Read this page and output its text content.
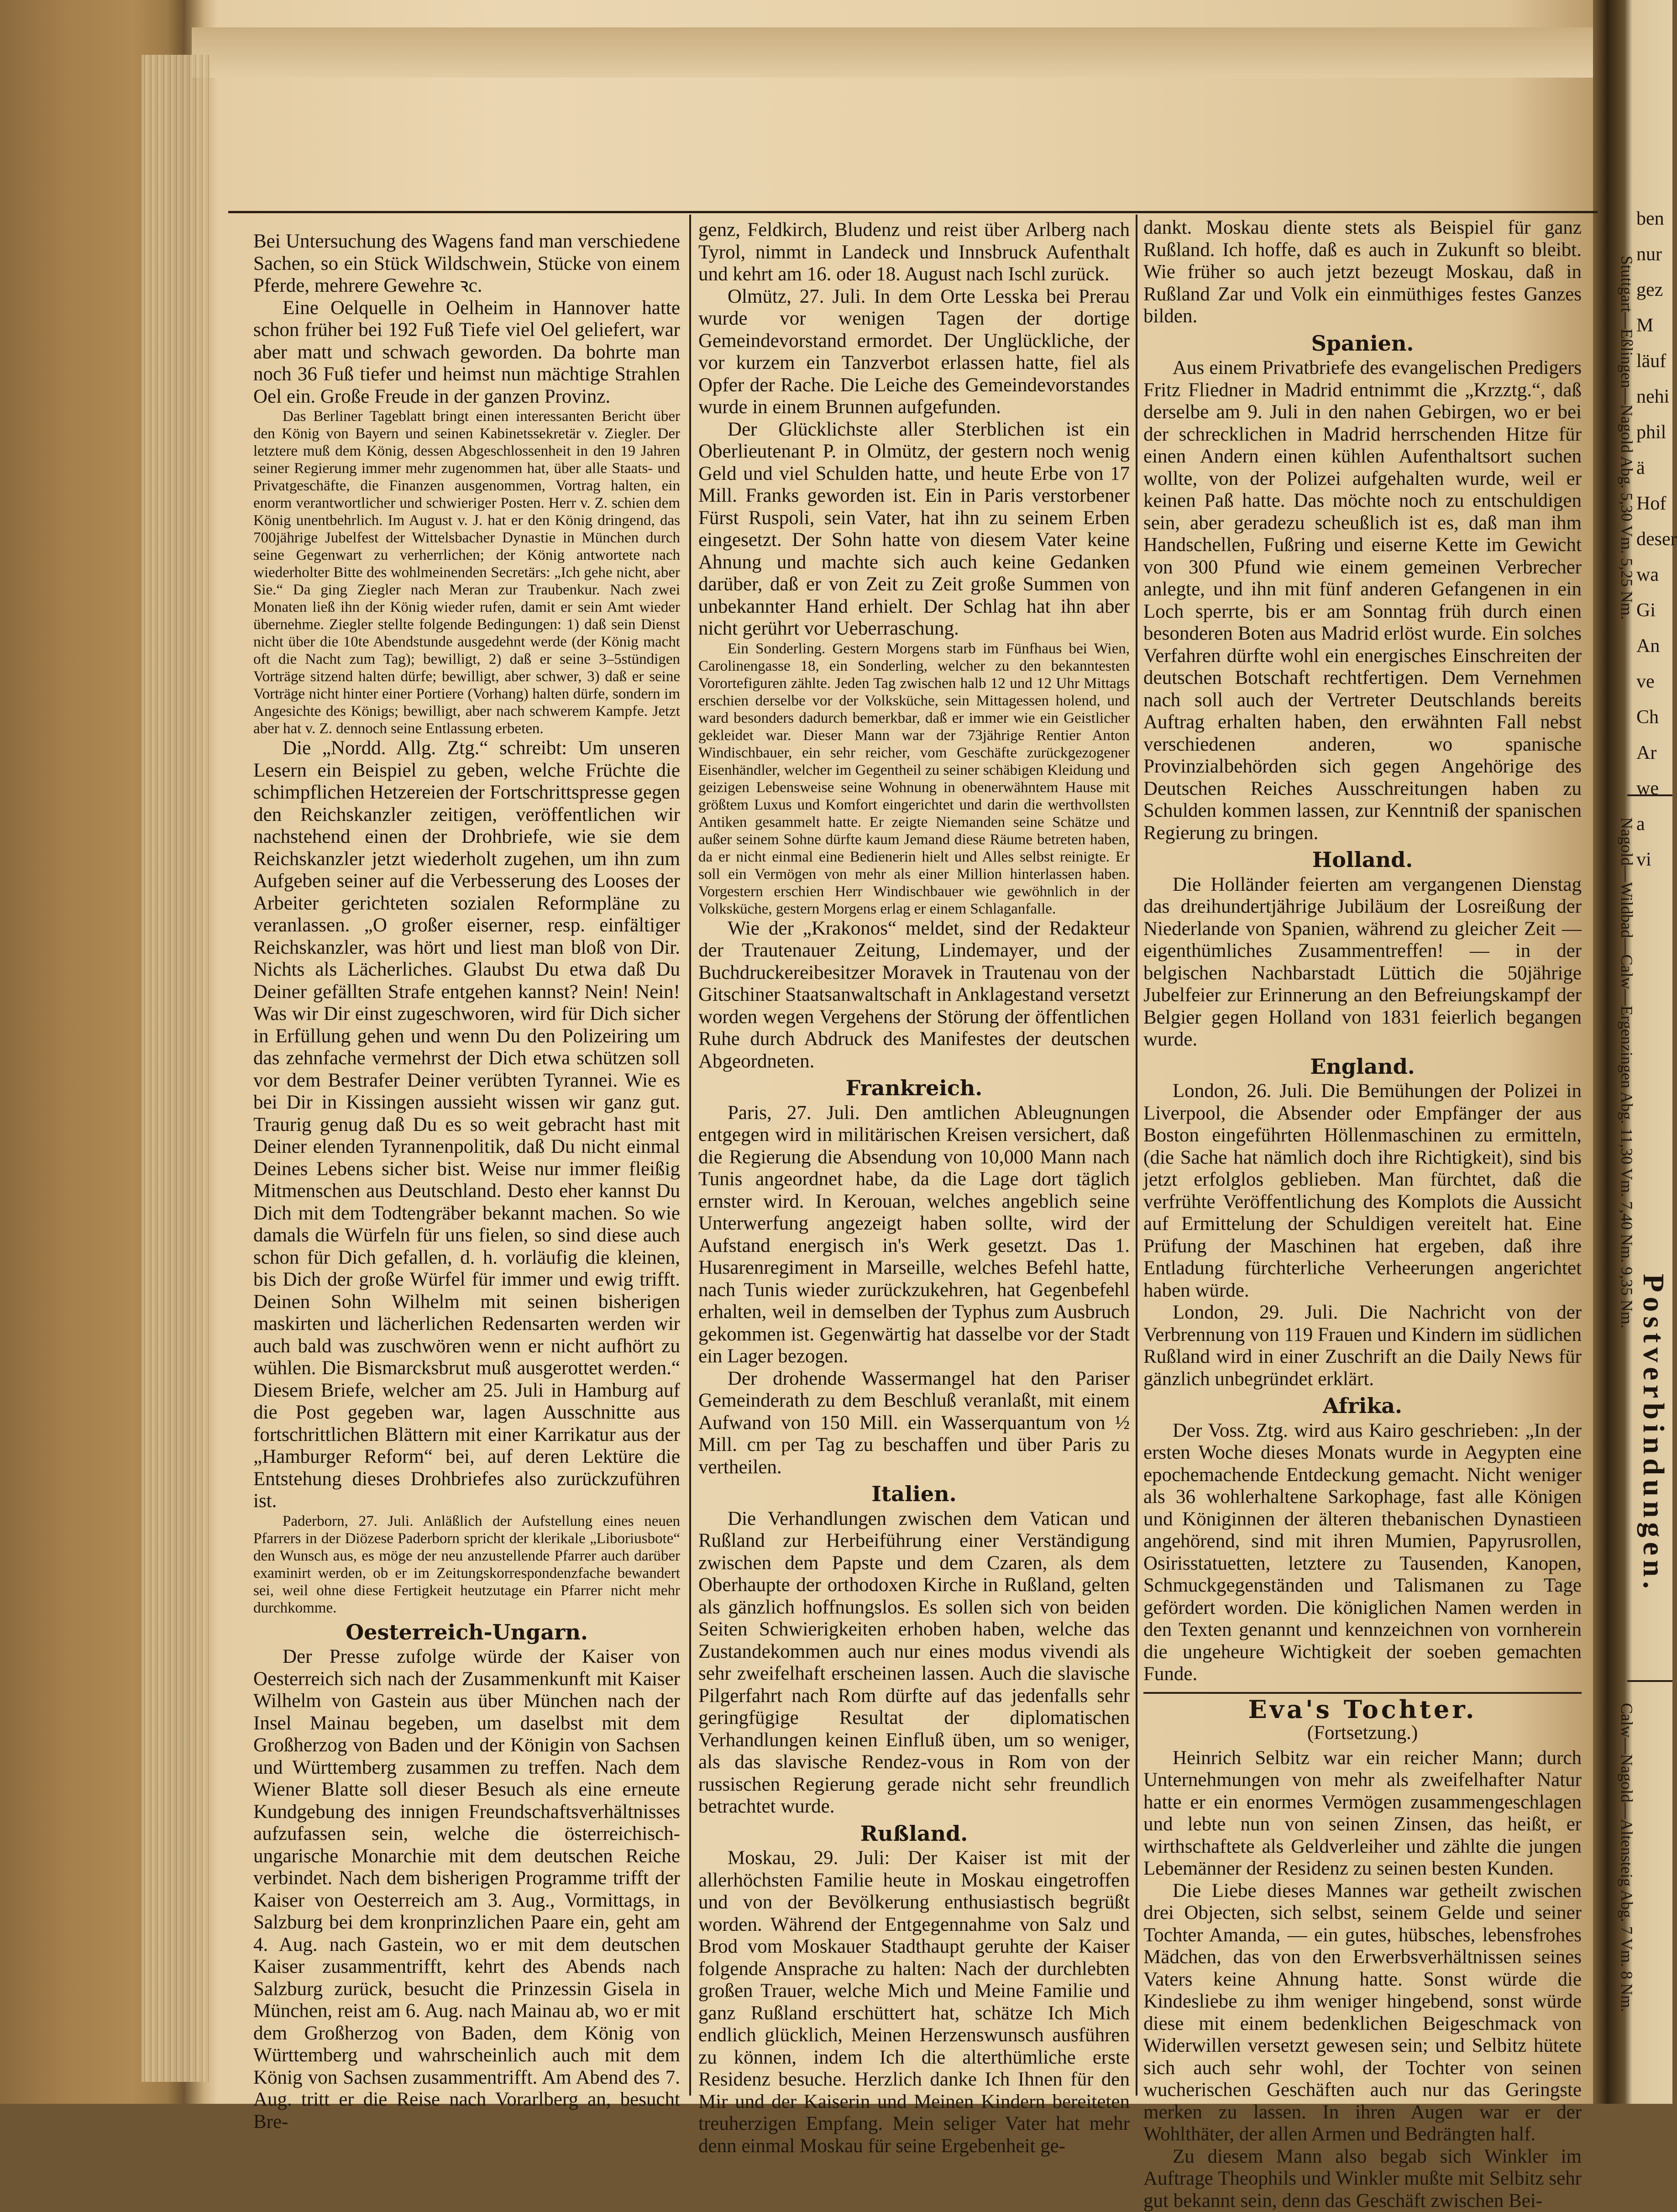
Bei Untersuchung des Wagens fand man verschiedene Sachen, so ein Stück Wildschwein, Stücke von einem Pferde, mehrere Gewehre ꝛc.

Eine Oelquelle in Oelheim in Hannover hatte schon früher bei 192 Fuß Tiefe viel Oel geliefert, war aber matt und schwach geworden. Da bohrte man noch 36 Fuß tiefer und heimst nun mächtige Strahlen Oel ein. Große Freude in der ganzen Provinz.

Das Berliner Tageblatt bringt einen interessanten Bericht über den König von Bayern und seinen Kabinetssekretär v. Ziegler. Der letztere muß dem König, dessen Abgeschlossenheit in den 19 Jahren seiner Regierung immer mehr zugenommen hat, über alle Staats- und Privatgeschäfte, die Finanzen ausgenommen, Vortrag halten, ein enorm verantwortlicher und schwieriger Posten. Herr v. Z. schien dem König unentbehrlich. Im August v. J. hat er den König dringend, das 700jährige Jubelfest der Wittelsbacher Dynastie in München durch seine Gegenwart zu verherrlichen; der König antwortete nach wiederholter Bitte des wohlmeinenden Secretärs: „Ich gehe nicht, aber Sie.“ Da ging Ziegler nach Meran zur Traubenkur. Nach zwei Monaten ließ ihn der König wieder rufen, damit er sein Amt wieder übernehme. Ziegler stellte folgende Bedingungen: 1) daß sein Dienst nicht über die 10te Abendstunde ausgedehnt werde (der König macht oft die Nacht zum Tag); bewilligt, 2) daß er seine 3–5stündigen Vorträge sitzend halten dürfe; bewilligt, aber schwer, 3) daß er seine Vorträge nicht hinter einer Portiere (Vorhang) halten dürfe, sondern im Angesichte des Königs; bewilligt, aber nach schwerem Kampfe. Jetzt aber hat v. Z. dennoch seine Entlassung erbeten.

Die „Nordd. Allg. Ztg.“ schreibt: Um unseren Lesern ein Beispiel zu geben, welche Früchte die schimpflichen Hetzereien der Fortschrittspresse gegen den Reichskanzler zeitigen, veröffentlichen wir nachstehend einen der Drohbriefe, wie sie dem Reichskanzler jetzt wiederholt zugehen, um ihn zum Aufgeben seiner auf die Verbesserung des Looses der Arbeiter gerichteten sozialen Reformpläne zu veranlassen. „O großer eiserner, resp. einfältiger Reichskanzler, was hört und liest man bloß von Dir. Nichts als Lächerliches. Glaubst Du etwa daß Du Deiner gefällten Strafe entgehen kannst? Nein! Nein! Was wir Dir einst zugeschworen, wird für Dich sicher in Erfüllung gehen und wenn Du den Polizeiring um das zehnfache vermehrst der Dich etwa schützen soll vor dem Bestrafer Deiner verübten Tyrannei. Wie es bei Dir in Kissingen aussieht wissen wir ganz gut. Traurig genug daß Du es so weit gebracht hast mit Deiner elenden Tyrannenpolitik, daß Du nicht einmal Deines Lebens sicher bist. Weise nur immer fleißig Mitmenschen aus Deutschland. Desto eher kannst Du Dich mit dem Todtengräber bekannt machen. So wie damals die Würfeln für uns fielen, so sind diese auch schon für Dich gefallen, d. h. vorläufig die kleinen, bis Dich der große Würfel für immer und ewig trifft. Deinen Sohn Wilhelm mit seinen bisherigen maskirten und lächerlichen Redensarten werden wir auch bald was zuschwören wenn er nicht aufhört zu wühlen. Die Bismarcksbrut muß ausgerottet werden.“ Diesem Briefe, welcher am 25. Juli in Hamburg auf die Post gegeben war, lagen Ausschnitte aus fortschrittlichen Blättern mit einer Karrikatur aus der „Hamburger Reform“ bei, auf deren Lektüre die Entstehung dieses Drohbriefes also zurückzuführen ist.

Paderborn, 27. Juli. Anläßlich der Aufstellung eines neuen Pfarrers in der Diözese Paderborn spricht der klerikale „Liboriusbote“ den Wunsch aus, es möge der neu anzustellende Pfarrer auch darüber examinirt werden, ob er im Zeitungskorrespondenzfache bewandert sei, weil ohne diese Fertigkeit heutzutage ein Pfarrer nicht mehr durchkomme.

Oesterreich-Ungarn.

Der Presse zufolge würde der Kaiser von Oesterreich sich nach der Zusammenkunft mit Kaiser Wilhelm von Gastein aus über München nach der Insel Mainau begeben, um daselbst mit dem Großherzog von Baden und der Königin von Sachsen und Württemberg zusammen zu treffen. Nach dem Wiener Blatte soll dieser Besuch als eine erneute Kundgebung des innigen Freundschaftsverhältnisses aufzufassen sein, welche die österreichisch-ungarische Monarchie mit dem deutschen Reiche verbindet. Nach dem bisherigen Programme trifft der Kaiser von Oesterreich am 3. Aug., Vormittags, in Salzburg bei dem kronprinzlichen Paare ein, geht am 4. Aug. nach Gastein, wo er mit dem deutschen Kaiser zusammentrifft, kehrt des Abends nach Salzburg zurück, besucht die Prinzessin Gisela in München, reist am 6. Aug. nach Mainau ab, wo er mit dem Großherzog von Baden, dem König von Württemberg und wahrscheinlich auch mit dem König von Sachsen zusammentrifft. Am Abend des 7. Aug. tritt er die Reise nach Vorarlberg an, besucht Bre-

genz, Feldkirch, Bludenz und reist über Arlberg nach Tyrol, nimmt in Landeck und Innsbruck Aufenthalt und kehrt am 16. oder 18. August nach Ischl zurück.

Olmütz, 27. Juli. In dem Orte Lesska bei Prerau wurde vor wenigen Tagen der dortige Gemeindevorstand ermordet. Der Unglückliche, der vor kurzem ein Tanzverbot erlassen hatte, fiel als Opfer der Rache. Die Leiche des Gemeindevorstandes wurde in einem Brunnen aufgefunden.

Der Glücklichste aller Sterblichen ist ein Oberlieutenant P. in Olmütz, der gestern noch wenig Geld und viel Schulden hatte, und heute Erbe von 17 Mill. Franks geworden ist. Ein in Paris verstorbener Fürst Ruspoli, sein Vater, hat ihn zu seinem Erben eingesetzt. Der Sohn hatte von diesem Vater keine Ahnung und machte sich auch keine Gedanken darüber, daß er von Zeit zu Zeit große Summen von unbekannter Hand erhielt. Der Schlag hat ihn aber nicht gerührt vor Ueberraschung.

Ein Sonderling. Gestern Morgens starb im Fünfhaus bei Wien, Carolinengasse 18, ein Sonderling, welcher zu den bekanntesten Vorortefiguren zählte. Jeden Tag zwischen halb 12 und 12 Uhr Mittags erschien derselbe vor der Volksküche, sein Mittagessen holend, und ward besonders dadurch bemerkbar, daß er immer wie ein Geistlicher gekleidet war. Dieser Mann war der 73jährige Rentier Anton Windischbauer, ein sehr reicher, vom Geschäfte zurückgezogener Eisenhändler, welcher im Gegentheil zu seiner schäbigen Kleidung und geizigen Lebensweise seine Wohnung in obenerwähntem Hause mit größtem Luxus und Komfort eingerichtet und darin die werthvollsten Antiken gesammelt hatte. Er zeigte Niemanden seine Schätze und außer seinem Sohne dürfte kaum Jemand diese Räume betreten haben, da er nicht einmal eine Bedienerin hielt und Alles selbst reinigte. Er soll ein Vermögen von mehr als einer Million hinterlassen haben. Vorgestern erschien Herr Windischbauer wie gewöhnlich in der Volksküche, gestern Morgens erlag er einem Schlaganfalle.

Wie der „Krakonos“ meldet, sind der Redakteur der Trautenauer Zeitung, Lindemayer, und der Buchdruckereibesitzer Moravek in Trautenau von der Gitschiner Staatsanwaltschaft in Anklagestand versetzt worden wegen Vergehens der Störung der öffentlichen Ruhe durch Abdruck des Manifestes der deutschen Abgeordneten.

Frankreich.

Paris, 27. Juli. Den amtlichen Ableugnungen entgegen wird in militärischen Kreisen versichert, daß die Regierung die Absendung von 10,000 Mann nach Tunis angeordnet habe, da die Lage dort täglich ernster wird. In Kerouan, welches angeblich seine Unterwerfung angezeigt haben sollte, wird der Aufstand energisch in's Werk gesetzt. Das 1. Husarenregiment in Marseille, welches Befehl hatte, nach Tunis wieder zurückzukehren, hat Gegenbefehl erhalten, weil in demselben der Typhus zum Ausbruch gekommen ist. Gegenwärtig hat dasselbe vor der Stadt ein Lager bezogen.

Der drohende Wassermangel hat den Pariser Gemeinderath zu dem Beschluß veranlaßt, mit einem Aufwand von 150 Mill. ein Wasserquantum von ½ Mill. cm per Tag zu beschaffen und über Paris zu vertheilen.

Italien.

Die Verhandlungen zwischen dem Vatican und Rußland zur Herbeiführung einer Verständigung zwischen dem Papste und dem Czaren, als dem Oberhaupte der orthodoxen Kirche in Rußland, gelten als gänzlich hoffnungslos. Es sollen sich von beiden Seiten Schwierigkeiten erhoben haben, welche das Zustandekommen auch nur eines modus vivendi als sehr zweifelhaft erscheinen lassen. Auch die slavische Pilgerfahrt nach Rom dürfte auf das jedenfalls sehr geringfügige Resultat der diplomatischen Verhandlungen keinen Einfluß üben, um so weniger, als das slavische Rendez-vous in Rom von der russischen Regierung gerade nicht sehr freundlich betrachtet wurde.

Rußland.

Moskau, 29. Juli: Der Kaiser ist mit der allerhöchsten Familie heute in Moskau eingetroffen und von der Bevölkerung enthusiastisch begrüßt worden. Während der Entgegennahme von Salz und Brod vom Moskauer Stadthaupt geruhte der Kaiser folgende Ansprache zu halten: Nach der durchlebten großen Trauer, welche Mich und Meine Familie und ganz Rußland erschüttert hat, schätze Ich Mich endlich glücklich, Meinen Herzenswunsch ausführen zu können, indem Ich die alterthümliche erste Residenz besuche. Herzlich danke Ich Ihnen für den Mir und der Kaiserin und Meinen Kindern bereiteten treuherzigen Empfang. Mein seliger Vater hat mehr denn einmal Moskau für seine Ergebenheit ge-

dankt. Moskau diente stets als Beispiel für ganz Rußland. Ich hoffe, daß es auch in Zukunft so bleibt. Wie früher so auch jetzt bezeugt Moskau, daß in Rußland Zar und Volk ein einmüthiges festes Ganzes bilden.

Spanien.

Aus einem Privatbriefe des evangelischen Predigers Fritz Fliedner in Madrid entnimmt die „Krzztg.“, daß derselbe am 9. Juli in den nahen Gebirgen, wo er bei der schrecklichen in Madrid herrschenden Hitze für einen Andern einen kühlen Aufenthaltsort suchen wollte, von der Polizei aufgehalten wurde, weil er keinen Paß hatte. Das möchte noch zu entschuldigen sein, aber geradezu scheußlich ist es, daß man ihm Handschellen, Fußring und eiserne Kette im Gewicht von 300 Pfund wie einem gemeinen Verbrecher anlegte, und ihn mit fünf anderen Gefangenen in ein Loch sperrte, bis er am Sonntag früh durch einen besonderen Boten aus Madrid erlöst wurde. Ein solches Verfahren dürfte wohl ein energisches Einschreiten der deutschen Botschaft rechtfertigen. Dem Vernehmen nach soll auch der Vertreter Deutschlands bereits Auftrag erhalten haben, den erwähnten Fall nebst verschiedenen anderen, wo spanische Provinzialbehörden sich gegen Angehörige des Deutschen Reiches Ausschreitungen haben zu Schulden kommen lassen, zur Kenntniß der spanischen Regierung zu bringen.

Holland.

Die Holländer feierten am vergangenen Dienstag das dreihundertjährige Jubiläum der Losreißung der Niederlande von Spanien, während zu gleicher Zeit — eigenthümliches Zusammentreffen! — in der belgischen Nachbarstadt Lüttich die 50jährige Jubelfeier zur Erinnerung an den Befreiungskampf der Belgier gegen Holland von 1831 feierlich begangen wurde.

England.

London, 26. Juli. Die Bemühungen der Polizei in Liverpool, die Absender oder Empfänger der aus Boston eingeführten Höllenmaschinen zu ermitteln, (die Sache hat nämlich doch ihre Richtigkeit), sind bis jetzt erfolglos geblieben. Man fürchtet, daß die verfrühte Veröffentlichung des Komplots die Aussicht auf Ermittelung der Schuldigen vereitelt hat. Eine Prüfung der Maschinen hat ergeben, daß ihre Entladung fürchterliche Verheerungen angerichtet haben würde.

London, 29. Juli. Die Nachricht von der Verbrennung von 119 Frauen und Kindern im südlichen Rußland wird in einer Zuschrift an die Daily News für gänzlich unbegründet erklärt.

Afrika.

Der Voss. Ztg. wird aus Kairo geschrieben: „In der ersten Woche dieses Monats wurde in Aegypten eine epochemachende Entdeckung gemacht. Nicht weniger als 36 wohlerhaltene Sarkophage, fast alle Königen und Königinnen der älteren thebanischen Dynastieen angehörend, sind mit ihren Mumien, Papyrusrollen, Osirisstatuetten, letztere zu Tausenden, Kanopen, Schmuckgegenständen und Talismanen zu Tage gefördert worden. Die königlichen Namen werden in den Texten genannt und kennzeichnen von vornherein die ungeheure Wichtigkeit der soeben gemachten Funde.

Eva's Tochter.

(Fortsetzung.)

Heinrich Selbitz war ein reicher Mann; durch Unternehmungen von mehr als zweifelhafter Natur hatte er ein enormes Vermögen zusammengeschlagen und lebte nun von seinen Zinsen, das heißt, er wirthschaftete als Geldverleiher und zählte die jungen Lebemänner der Residenz zu seinen besten Kunden.

Die Liebe dieses Mannes war getheilt zwischen drei Objecten, sich selbst, seinem Gelde und seiner Tochter Amanda, — ein gutes, hübsches, lebensfrohes Mädchen, das von den Erwerbsverhältnissen seines Vaters keine Ahnung hatte. Sonst würde die Kindesliebe zu ihm weniger hingebend, sonst würde diese mit einem bedenklichen Beigeschmack von Widerwillen versetzt gewesen sein; und Selbitz hütete sich auch sehr wohl, der Tochter von seinen wucherischen Geschäften auch nur das Geringste merken zu lassen. In ihren Augen war er der Wohlthäter, der allen Armen und Bedrängten half.

Zu diesem Mann also begab sich Winkler im Auftrage Theophils und Winkler mußte mit Selbitz sehr gut bekannt sein, denn das Geschäft zwischen Bei-

Stuttgart—Eßlingen—Nagold Abg. 5,30 Vm. 5,25 Nm.
Nagold—Wildbad—Calw—Ergenzingen Abg. 11,30 Vm. 7,40 Nm. 9,35 Nm.
Calw—Nagold—Altensteig Abg. 7 Vm. 8 Nm.
Postverbindungen.
ben
nur
gez
M
läuf
nehi
phil
ä
Hof
deser
wa
Gi
An
ve
Ch
Ar
we
a
vi
